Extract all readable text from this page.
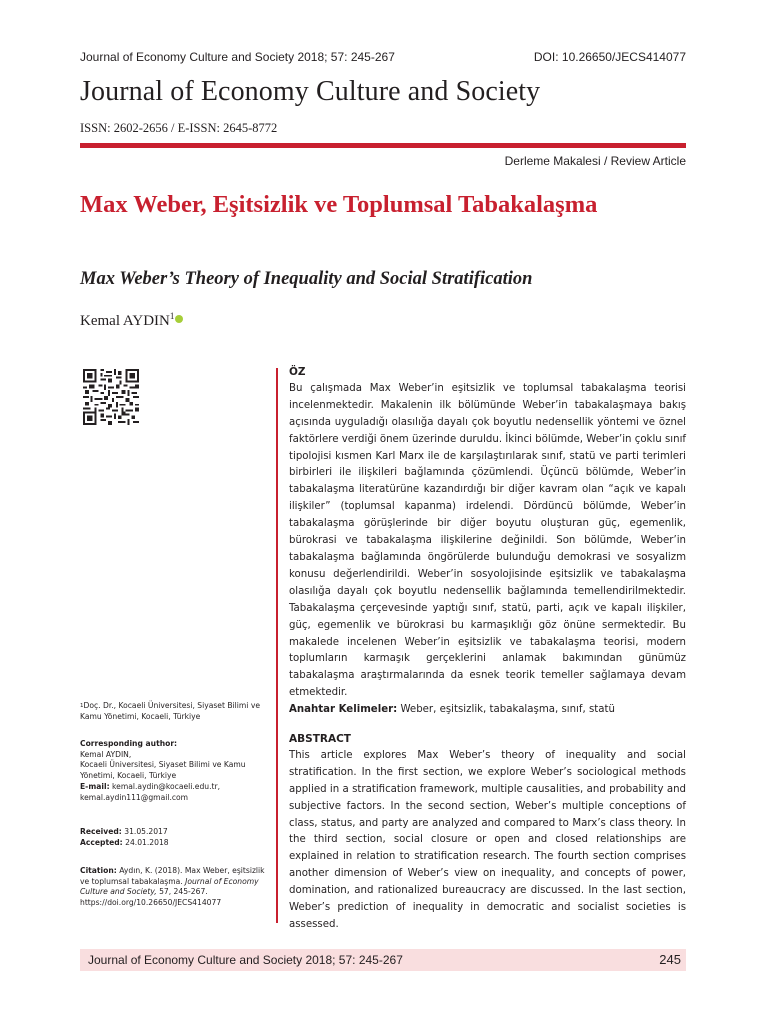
Journal of Economy Culture and Society 2018; 57: 245-267	DOI: 10.26650/JECS414077
Journal of Economy Culture and Society
ISSN: 2602-2656 / E-ISSN: 2645-8772
Derleme Makalesi / Review Article
Max Weber, Eşitsizlik ve Toplumsal Tabakalaşma
Max Weber’s Theory of Inequality and Social Stratification
Kemal AYDIN$^1$
ÖZ

Bu çalışmada Max Weber’in eşitsizlik ve toplumsal tabakalaşma teorisi incelenmektedir. Makalenin ilk bölümünde Weber’in tabakalaşmaya bakış açısında uyguladığı olasılığa dayalı çok boyutlu nedensellik yöntemi ve öznel faktörlere verdiği önem üzerinde duruldu. İkinci bölümde, Weber’in çoklu sınıf tipolojisi kısmen Karl Marx ile de karşılaştırılarak sınıf, statü ve parti terimleri birbirleri ile ilişkileri bağlamında çözümlendi. Üçüncü bölümde, Weber’in tabakalaşma literatürüne kazandırdığı bir diğer kavram olan “açık ve kapalı ilişkiler” (toplumsal kapanma) irdelendi. Dördüncü bölümde, Weber’in tabakalaşma görüşlerinde bir diğer boyutu oluşturan güç, egemenlik, bürokrasi ve tabakalaşma ilişkilerine değinildi. Son bölümde, Weber’in tabakalaşma bağlamında öngörülerde bulunduğu demokrasi ve sosyalizm konusu değerlendirildi. Weber’in sosyolojisinde eşitsizlik ve tabakalaşma olasılığa dayalı çok boyutlu nedensellik bağlamında temellendirilmektedir. Tabakalaşma çerçevesinde yaptığı sınıf, statü, parti, açık ve kapalı ilişkiler, güç, egemenlik ve bürokrasi bu karmaşıklığı göz önüne sermektedir. Bu makalede incelenen Weber’in eşitsizlik ve tabakalaşma teorisi, modern toplumların karmaşık gerçeklerini anlamak bakımından günümüz tabakalaşma araştırmalarında da esnek teorik temeller sağlamaya devam etmektedir.

Anahtar Kelimeler: Weber, eşitsizlik, tabakalaşma, sınıf, statü

ABSTRACT

This article explores Max Weber’s theory of inequality and social stratification. In the first section, we explore Weber’s sociological methods applied in a stratification framework, multiple causalities, and probability and subjective factors. In the second section, Weber’s multiple conceptions of class, status, and party are analyzed and compared to Marx’s class theory. In the third section, social closure or open and closed relationships are explained in relation to stratification research. The fourth section comprises another dimension of Weber’s view on inequality, and concepts of power, domination, and rationalized bureaucracy are discussed. In the last section, Weber’s prediction of inequality in democratic and socialist societies is assessed.

$^1$Doç. Dr., Kocaeli Üniversitesi, Siyaset Bilimi ve Kamu Yönetimi, Kocaeli, Türkiye
Corresponding author:
Kemal AYDIN,
Kocaeli Üniversitesi, Siyaset Bilimi ve Kamu Yönetimi, Kocaeli, Türkiye
E-mail: kemal.aydin@kocaeli.edu.tr, kemal.aydin111@gmail.com
Received: 31.05.2017
Accepted: 24.01.2018
Citation: Aydın, K. (2018). Max Weber, eşitsizlik ve toplumsal tabakalaşma. Journal of Economy Culture and Society, 57, 245-267. https://doi.org/10.26650/JECS414077
Journal of Economy Culture and Society 2018; 57: 245-267	245
